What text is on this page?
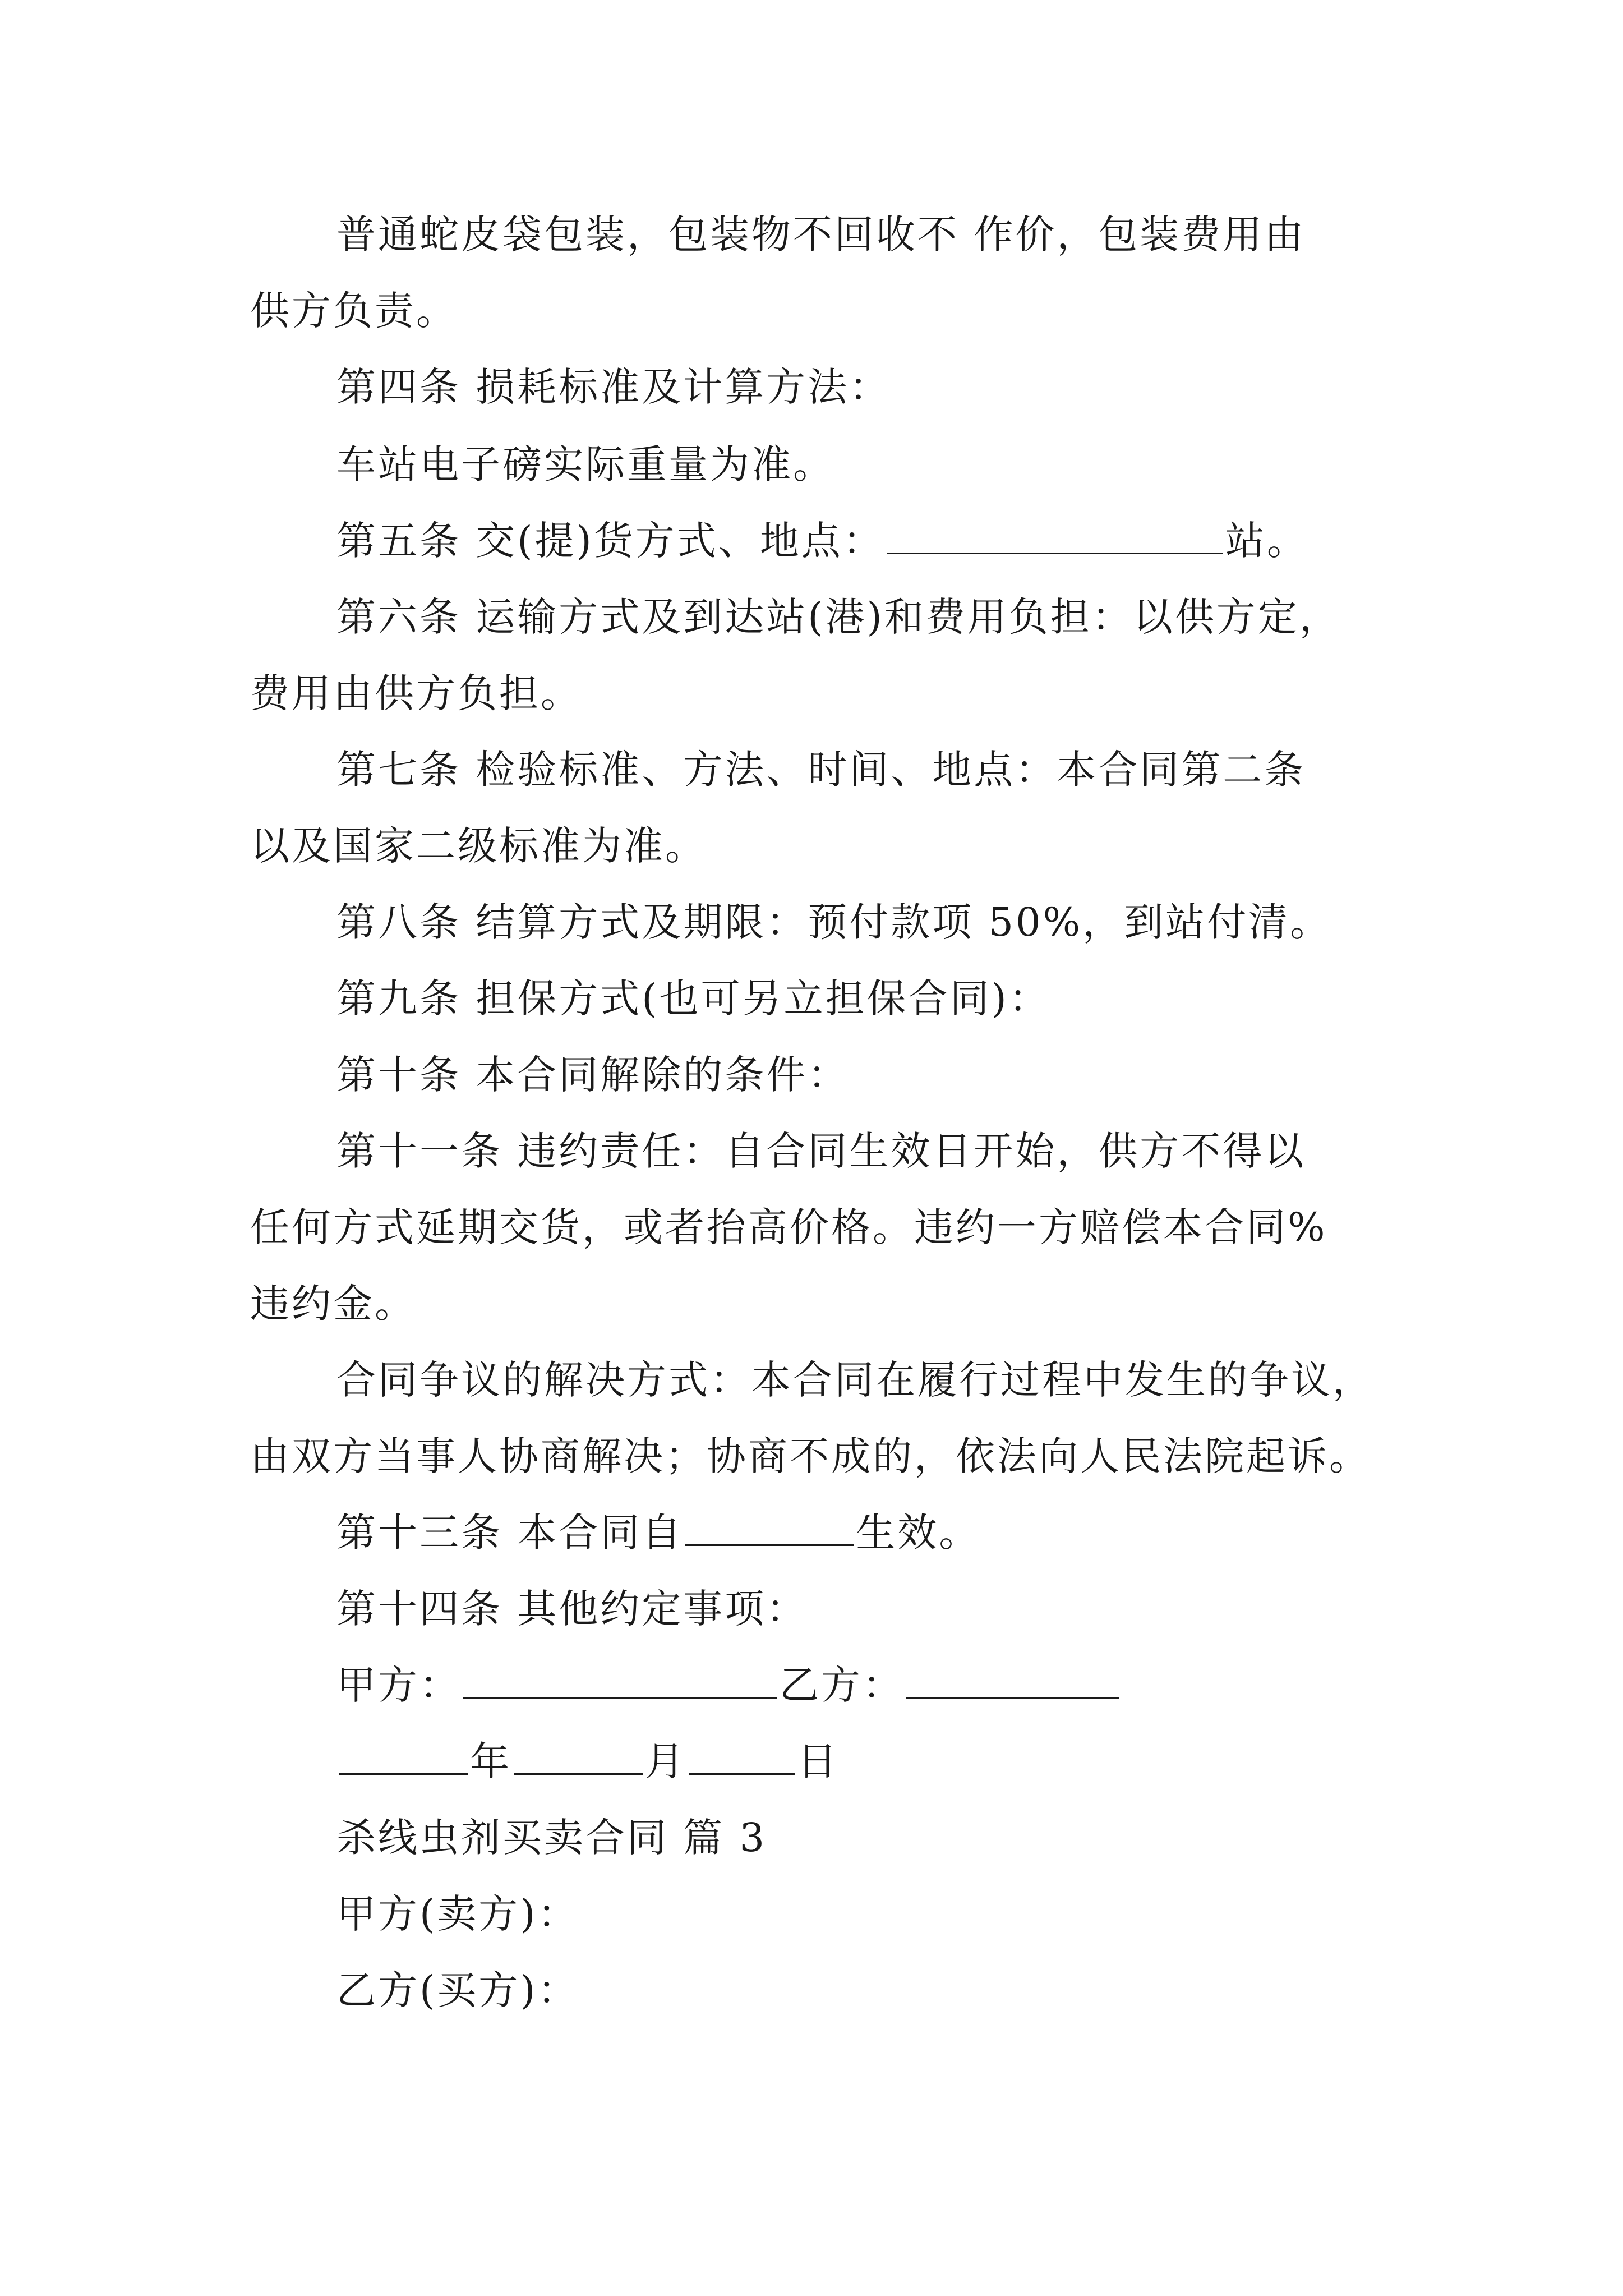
普通蛇皮袋包装，包装物不回收不 作价，包装费用由
供方负责。
第四条 损耗标准及计算方法：
车站电子磅实际重量为准。
第五条 交(提)货方式、地点：	站。
第六条 运输方式及到达站(港)和费用负担：以供方定，
费用由供方负担。
第七条 检验标准、方法、时间、地点：本合同第二条
以及国家二级标准为准。
第八条 结算方式及期限：预付款项 50%，到站付清。
第九条 担保方式(也可另立担保合同)：
第十条 本合同解除的条件：
第十一条 违约责任：自合同生效日开始，供方不得以
任何方式延期交货，或者抬高价格。违约一方赔偿本合同%
违约金。
合同争议的解决方式：本合同在履行过程中发生的争议，
由双方当事人协商解决；协商不成的，依法向人民法院起诉。
第十三条 本合同自	生效。
第十四条 其他约定事项：
甲方：	乙方：
年	月	日
杀线虫剂买卖合同 篇 3
甲方(卖方)：
乙方(买方)：
